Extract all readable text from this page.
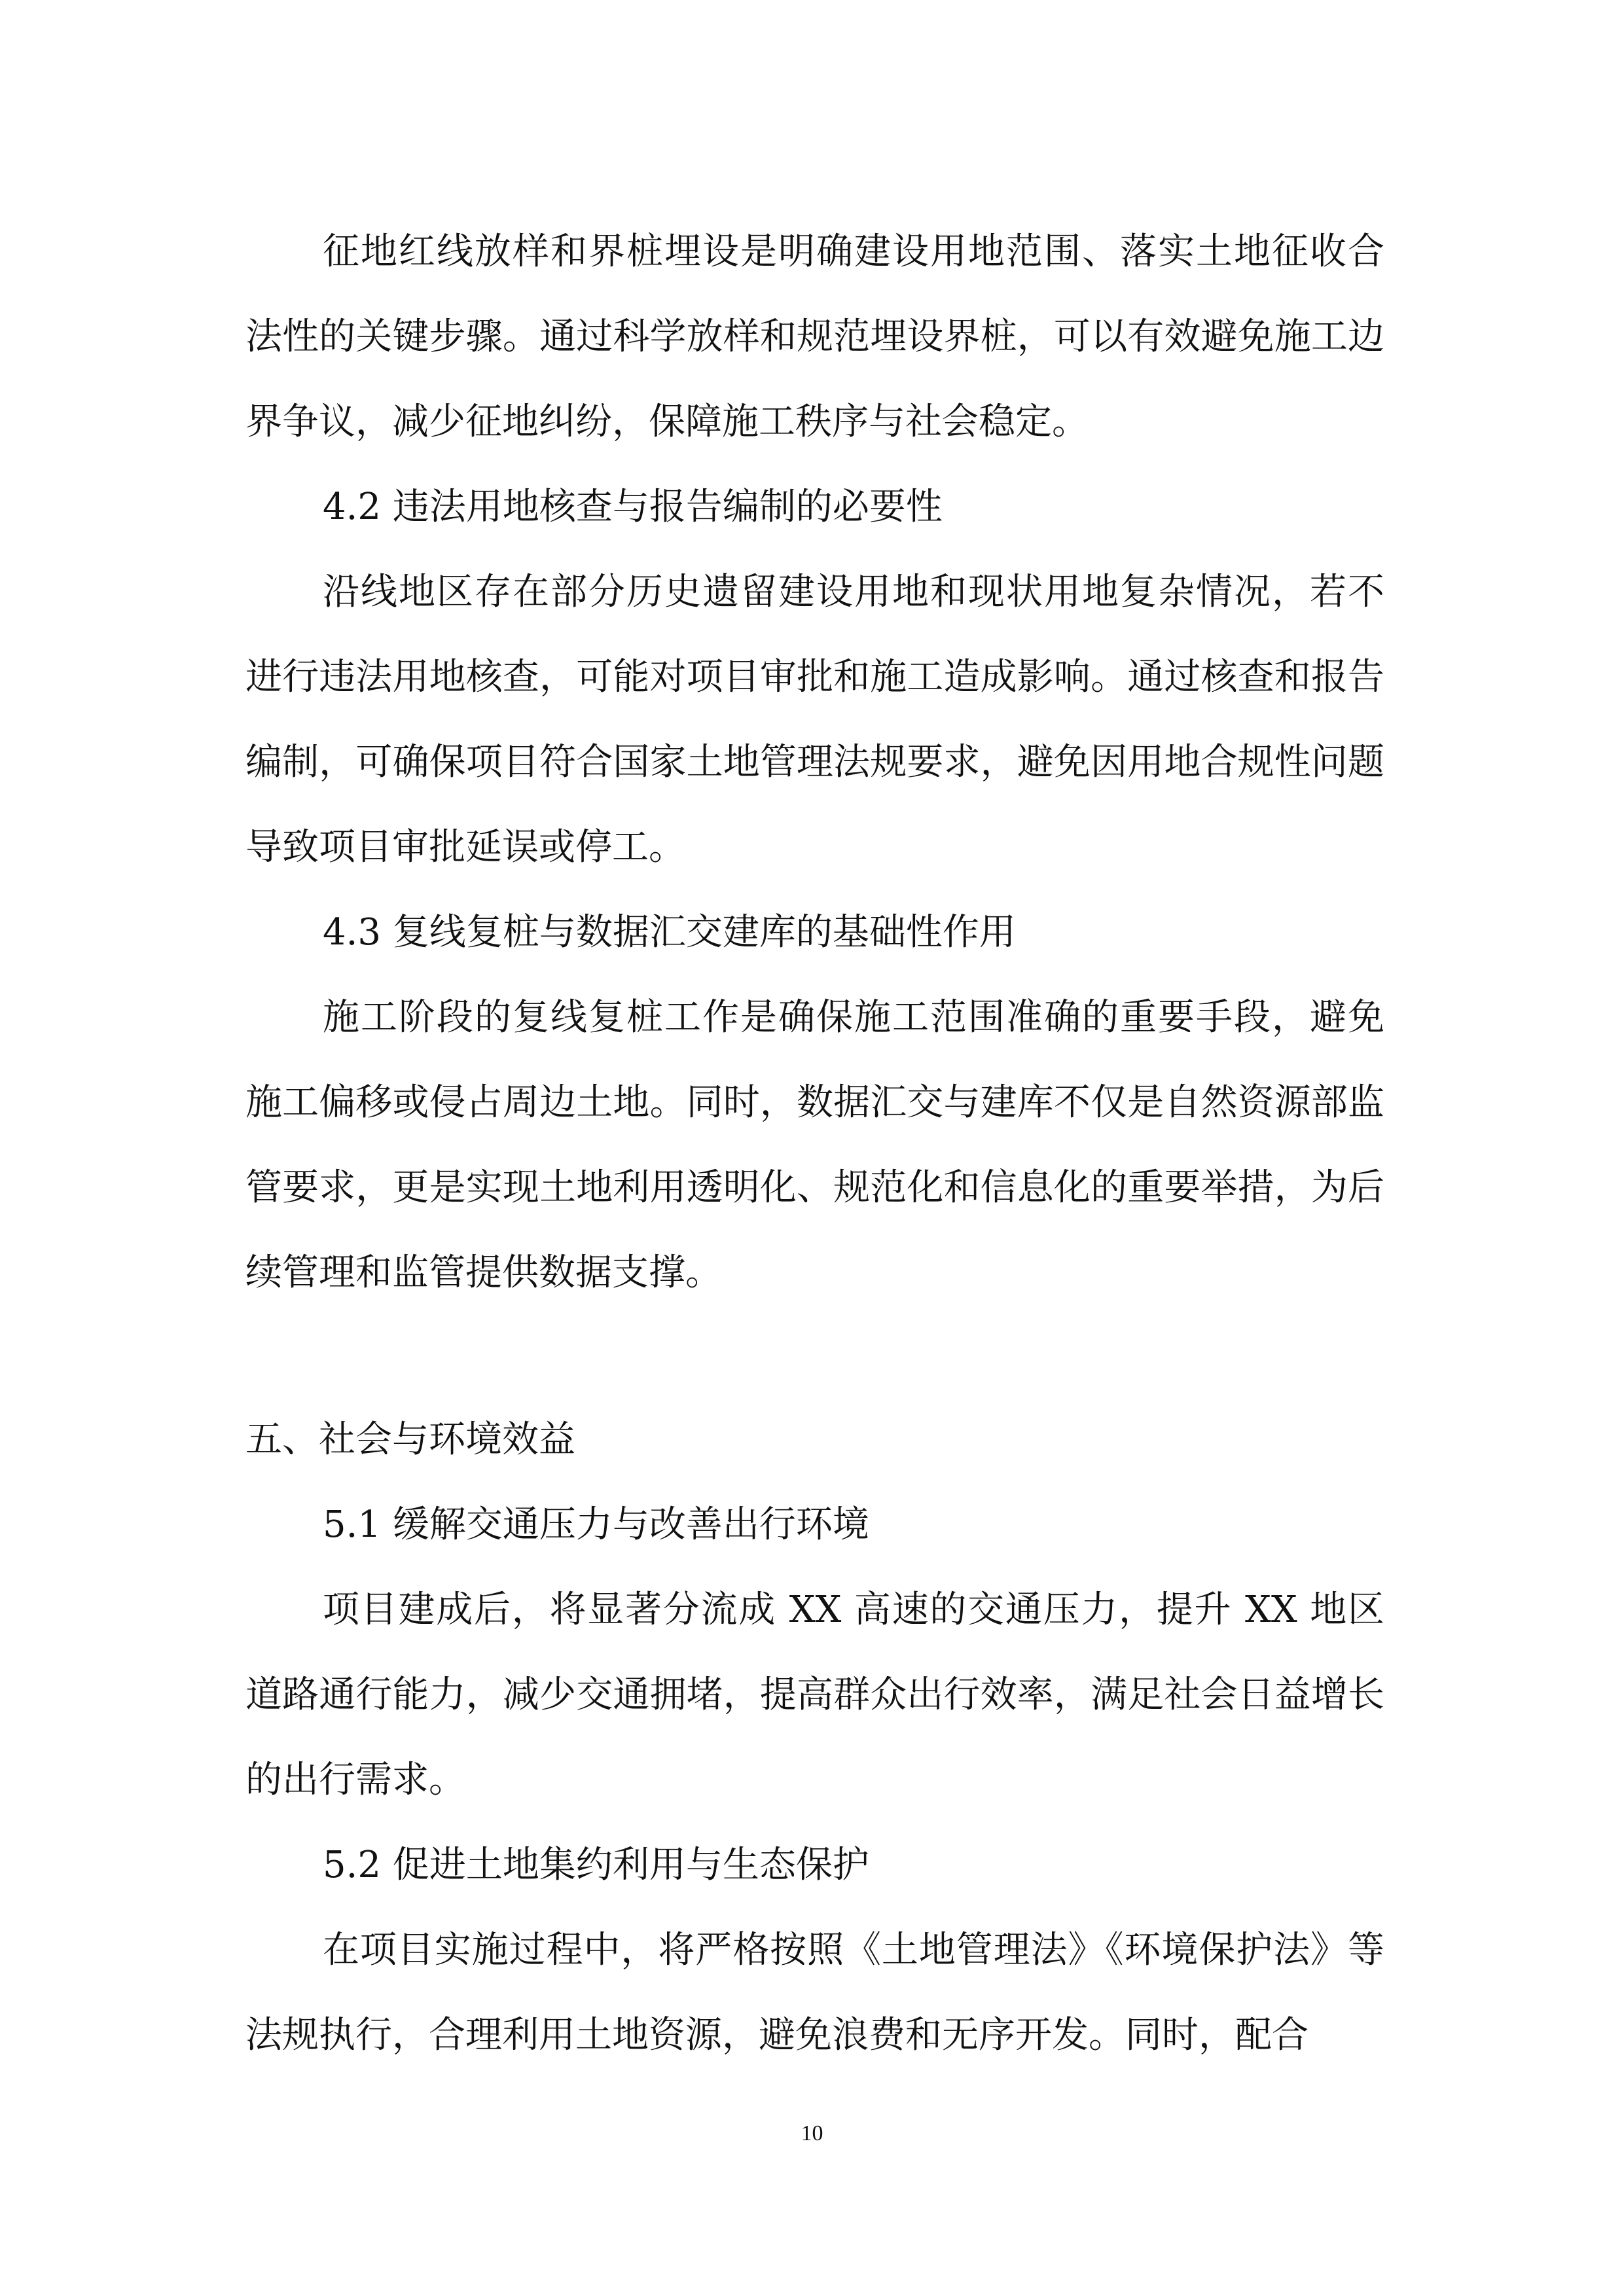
征地红线放样和界桩埋设是明确建设用地范围、落实土地征收合法性的关键步骤。通过科学放样和规范埋设界桩，可以有效避免施工边界争议，减少征地纠纷，保障施工秩序与社会稳定。

4.2 违法用地核查与报告编制的必要性

沿线地区存在部分历史遗留建设用地和现状用地复杂情况，若不进行违法用地核查，可能对项目审批和施工造成影响。通过核查和报告编制，可确保项目符合国家土地管理法规要求，避免因用地合规性问题导致项目审批延误或停工。

4.3 复线复桩与数据汇交建库的基础性作用

施工阶段的复线复桩工作是确保施工范围准确的重要手段，避免施工偏移或侵占周边土地。同时，数据汇交与建库不仅是自然资源部监管要求，更是实现土地利用透明化、规范化和信息化的重要举措，为后续管理和监管提供数据支撑。

五、社会与环境效益

5.1 缓解交通压力与改善出行环境

项目建成后，将显著分流成 XX 高速的交通压力，提升 XX 地区道路通行能力，减少交通拥堵，提高群众出行效率，满足社会日益增长的出行需求。

5.2 促进土地集约利用与生态保护

在项目实施过程中，将严格按照《土地管理法》《环境保护法》等法规执行，合理利用土地资源，避免浪费和无序开发。同时，配合

10
